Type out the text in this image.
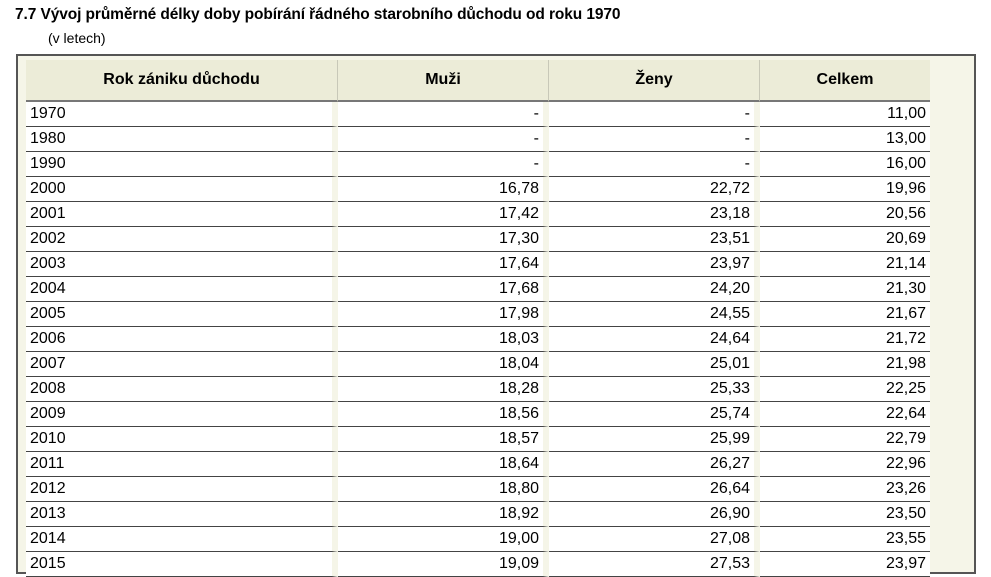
7.7 Vývoj průměrné délky doby pobírání řádného starobního důchodu od roku 1970
(v letech)
Rok zániku důchodu	Muži	Ženy	Celkem
1970	-	-	11,00
1980	-	-	13,00
1990	-	-	16,00
2000	16,78	22,72	19,96
2001	17,42	23,18	20,56
2002	17,30	23,51	20,69
2003	17,64	23,97	21,14
2004	17,68	24,20	21,30
2005	17,98	24,55	21,67
2006	18,03	24,64	21,72
2007	18,04	25,01	21,98
2008	18,28	25,33	22,25
2009	18,56	25,74	22,64
2010	18,57	25,99	22,79
2011	18,64	26,27	22,96
2012	18,80	26,64	23,26
2013	18,92	26,90	23,50
2014	19,00	27,08	23,55
2015	19,09	27,53	23,97
